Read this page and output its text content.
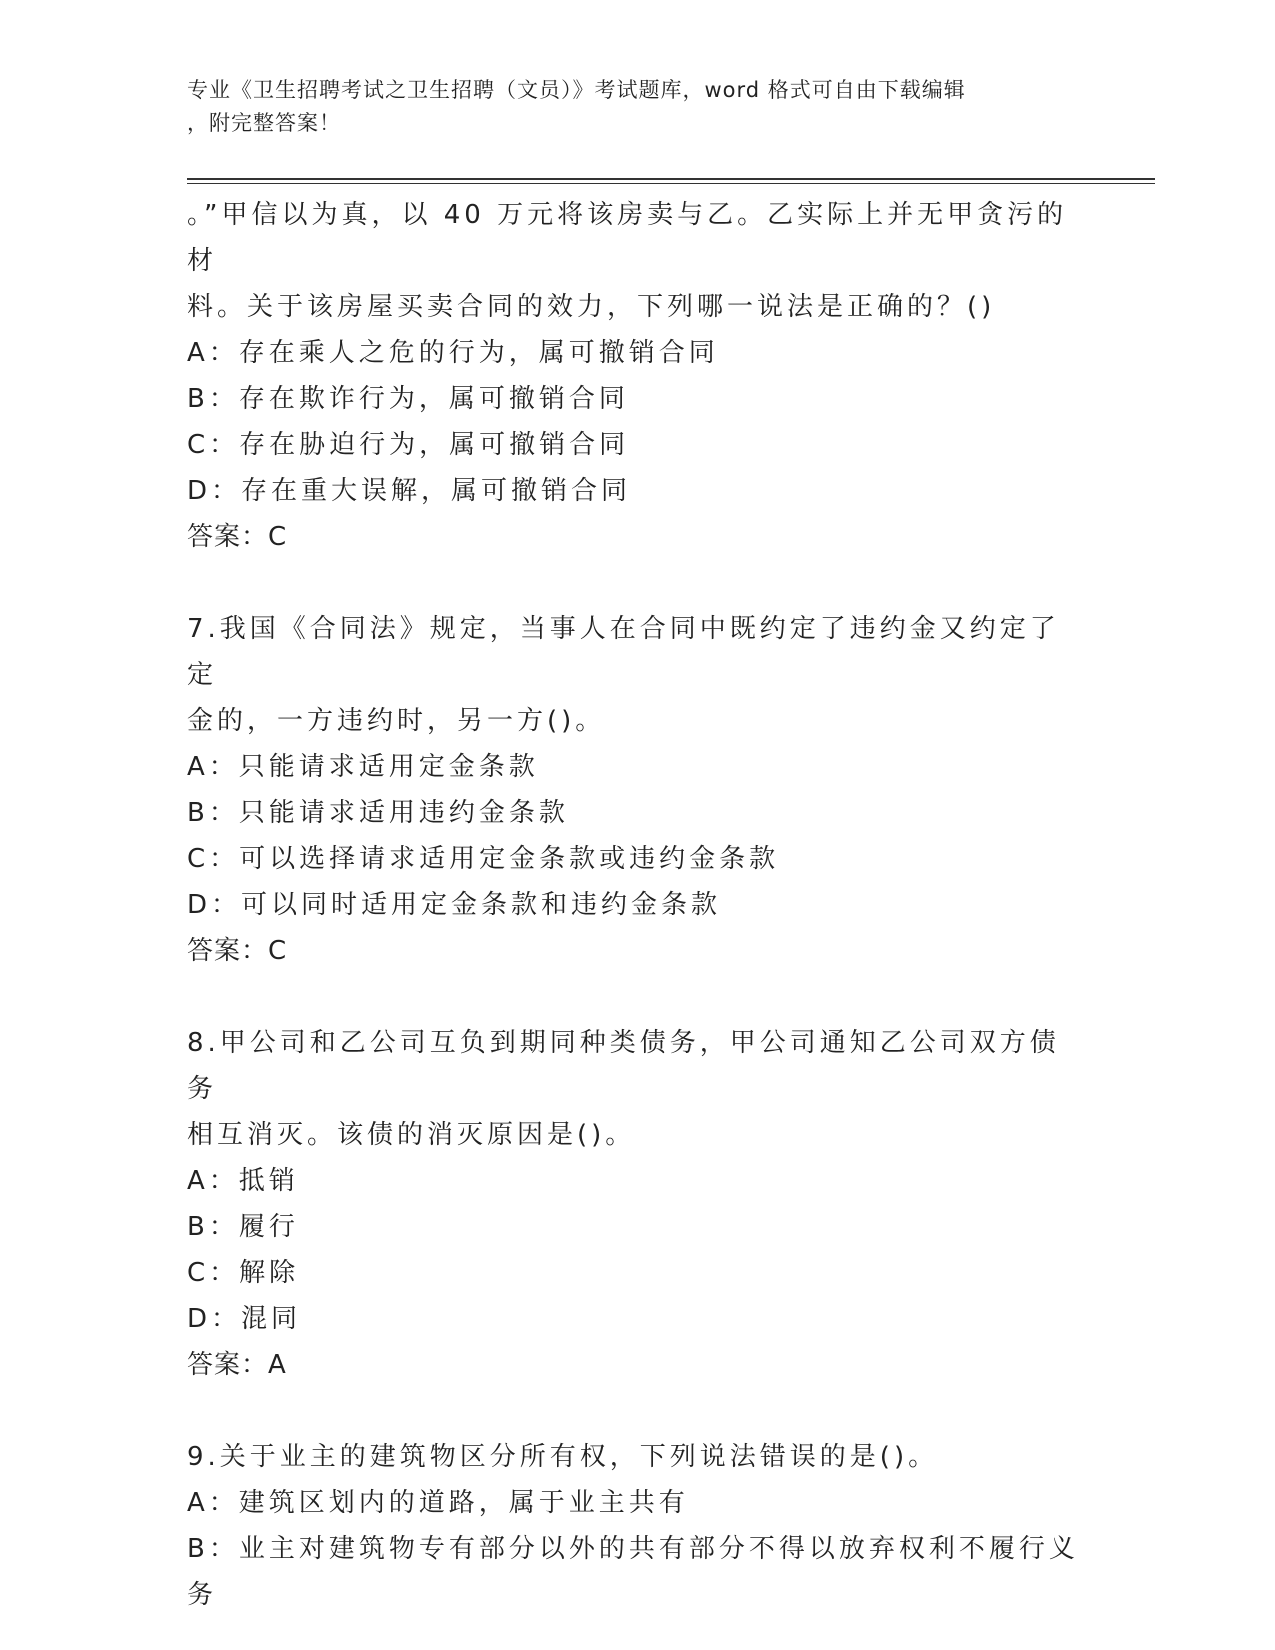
专业《卫生招聘考试之卫生招聘（文员）》考试题库，word 格式可自由下载编辑
，附完整答案！

。”甲信以为真，以 40 万元将该房卖与乙。乙实际上并无甲贪污的材

料。关于该房屋买卖合同的效力，下列哪一说法是正确的？()

A：存在乘人之危的行为，属可撤销合同

B：存在欺诈行为，属可撤销合同

C：存在胁迫行为，属可撤销合同

D：存在重大误解，属可撤销合同

答案：C

7.我国《合同法》规定，当事人在合同中既约定了违约金又约定了定

金的，一方违约时，另一方()。

A：只能请求适用定金条款

B：只能请求适用违约金条款

C：可以选择请求适用定金条款或违约金条款

D：可以同时适用定金条款和违约金条款

答案：C

8.甲公司和乙公司互负到期同种类债务，甲公司通知乙公司双方债务

相互消灭。该债的消灭原因是()。

A：抵销

B：履行

C：解除

D：混同

答案：A

9.关于业主的建筑物区分所有权，下列说法错误的是()。

A：建筑区划内的道路，属于业主共有

B：业主对建筑物专有部分以外的共有部分不得以放弃权利不履行义务
